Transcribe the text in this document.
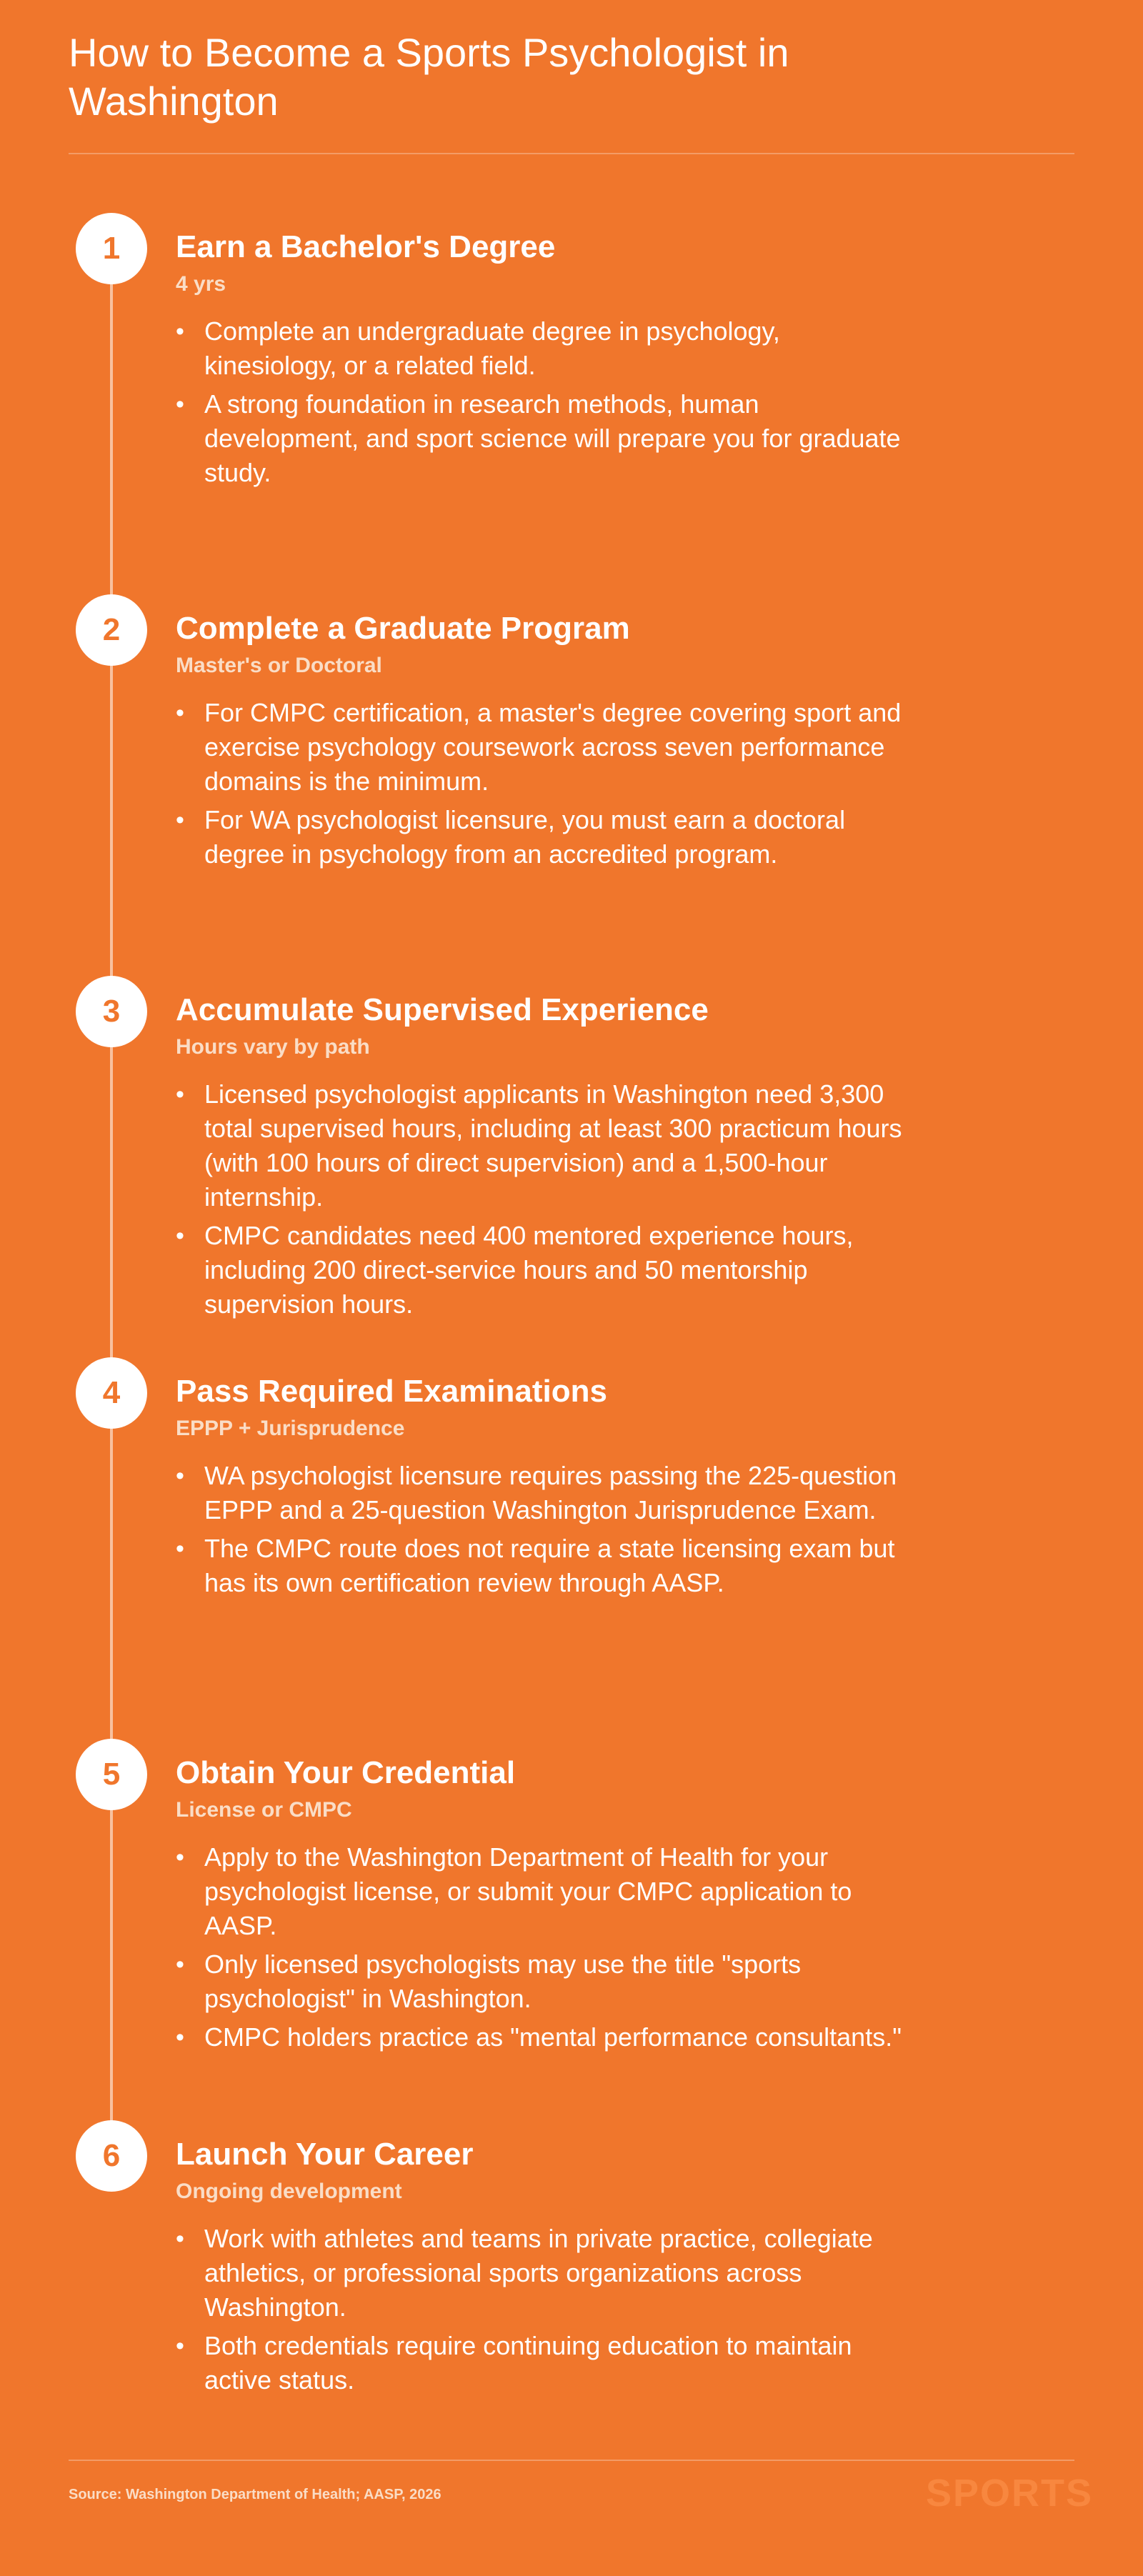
How to Become a Sports Psychologist in Washington
1	Earn a Bachelor's Degree
4 yrs
• Complete an undergraduate degree in psychology, kinesiology, or a related field.
• A strong foundation in research methods, human development, and sport science will prepare you for graduate study.
2	Complete a Graduate Program
Master's or Doctoral
• For CMPC certification, a master's degree covering sport and exercise psychology coursework across seven performance domains is the minimum.
• For WA psychologist licensure, you must earn a doctoral degree in psychology from an accredited program.
3	Accumulate Supervised Experience
Hours vary by path
• Licensed psychologist applicants in Washington need 3,300 total supervised hours, including at least 300 practicum hours (with 100 hours of direct supervision) and a 1,500-hour internship.
• CMPC candidates need 400 mentored experience hours, including 200 direct-service hours and 50 mentorship supervision hours.
4	Pass Required Examinations
EPPP + Jurisprudence
• WA psychologist licensure requires passing the 225-question EPPP and a 25-question Washington Jurisprudence Exam.
• The CMPC route does not require a state licensing exam but has its own certification review through AASP.
5	Obtain Your Credential
License or CMPC
• Apply to the Washington Department of Health for your psychologist license, or submit your CMPC application to AASP.
• Only licensed psychologists may use the title "sports psychologist" in Washington.
• CMPC holders practice as "mental performance consultants."
6	Launch Your Career
Ongoing development
• Work with athletes and teams in private practice, collegiate athletics, or professional sports organizations across Washington.
• Both credentials require continuing education to maintain active status.
Source: Washington Department of Health; AASP, 2026	SPORTS
